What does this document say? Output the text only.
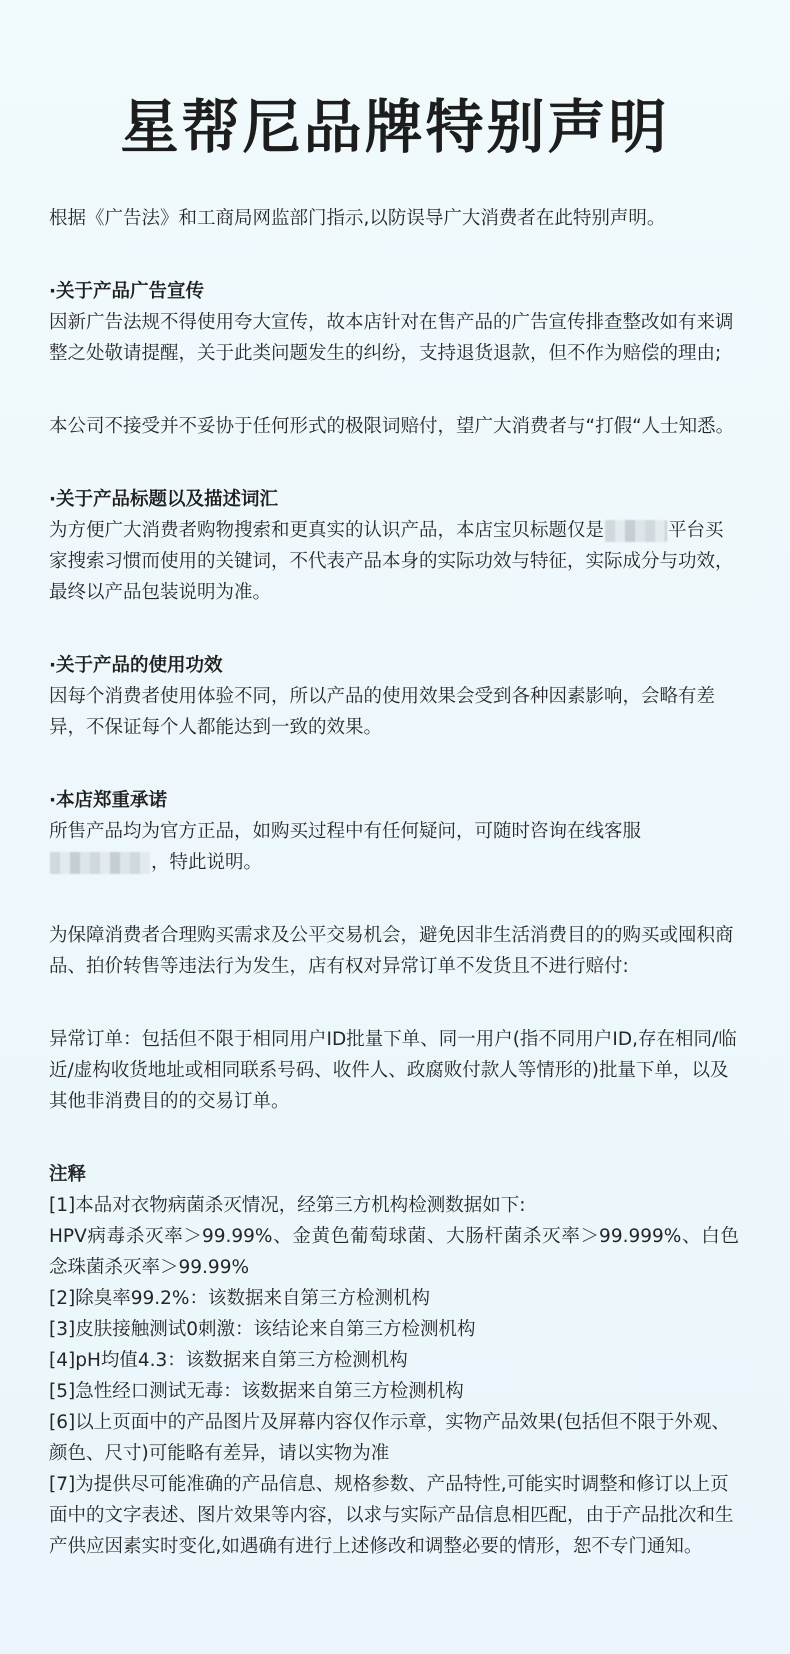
星帮尼品牌特别声明

根据《广告法》和工商局网监部门指示,以防误导广大消费者在此特别声明。

·关于产品广告宣传

因新广告法规不得使用夸大宣传，故本店针对在售产品的广告宣传排查整改如有来调整之处敬请提醒，关于此类问题发生的纠纷，支持退货退款，但不作为赔偿的理由;

本公司不接受并不妥协于任何形式的极限词赔付，望广大消费者与“打假“人士知悉。

·关于产品标题以及描述词汇

为方便广大消费者购物搜索和更真实的认识产品，本店宝贝标题仅是	平台买家搜索习惯而使用的关键词，不代表产品本身的实际功效与特征，实际成分与功效，最终以产品包装说明为准。

·关于产品的使用功效

因每个消费者使用体验不同，所以产品的使用效果会受到各种因素影响，会略有差异，不保证每个人都能达到一致的效果。

·本店郑重承诺

所售产品均为官方正品，如购买过程中有任何疑问，可随时咨询在线客服
，特此说明。

为保障消费者合理购买需求及公平交易机会，避免因非生活消费目的的购买或囤积商品、拍价转售等违法行为发生，店有权对异常订单不发货且不进行赔付:

异常订单：包括但不限于相同用户ID批量下单、同一用户(指不同用户ID,存在相同/临近/虚构收货地址或相同联系号码、收件人、政腐败付款人等情形的)批量下单，以及其他非消费目的的交易订单。

注释

[1]本品对衣物病菌杀灭情况，经第三方机构检测数据如下:

HPV病毒杀灭率＞99.99%、金黄色葡萄球菌、大肠杆菌杀灭率＞99.999%、白色念珠菌杀灭率＞99.99%

[2]除臭率99.2%：该数据来自第三方检测机构

[3]皮肤接触测试0刺激：该结论来自第三方检测机构

[4]pH均值4.3：该数据来自第三方检测机构

[5]急性经口测试无毒：该数据来自第三方检测机构

[6]以上页面中的产品图片及屏幕内容仅作示章，实物产品效果(包括但不限于外观、颜色、尺寸)可能略有差异，请以实物为准

[7]为提供尽可能准确的产品信息、规格参数、产品特性,可能实时调整和修订以上页面中的文字表述、图片效果等内容，以求与实际产品信息相匹配，由于产品批次和生产供应因素实时变化,如遇确有进行上述修改和调整必要的情形，恕不专门通知。
